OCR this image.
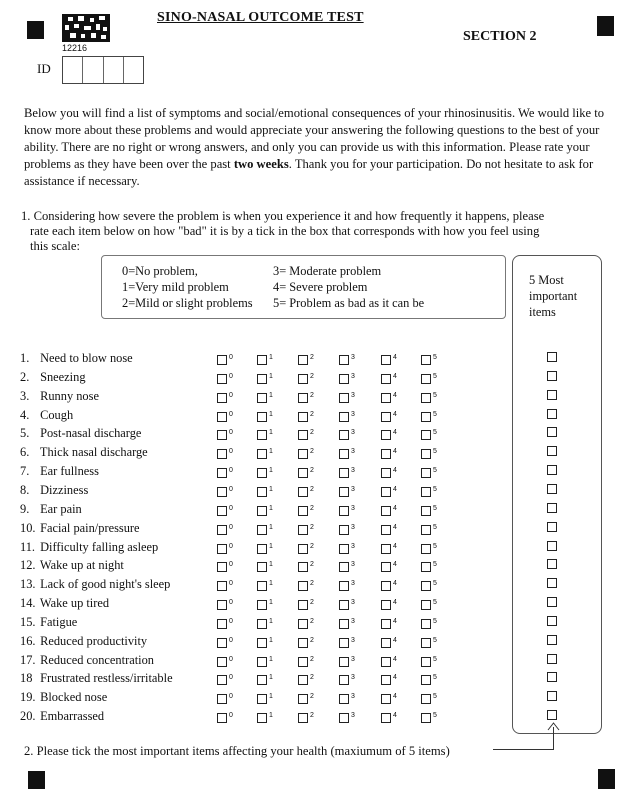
SINO-NASAL OUTCOME TEST
SECTION 2
12216
ID
Below you will find a list of symptoms and social/emotional consequences of your rhinosinusitis. We would like to know more about these problems and would appreciate your answering the following questions to the best of your ability. There are no right or wrong answers, and only you can provide us with this information. Please rate your problems as they have been over the past two weeks. Thank you for your participation. Do not hesitate to ask for assistance if necessary.
1. Considering how severe the problem is when you experience it and how frequently it happens, please
rate each item below on how "bad" it is by a tick in the box that corresponds with how you feel using
this scale:
0=No problem,
1=Very mild problem
2=Mild or slight problems
3= Moderate problem
4= Severe problem
5= Problem as bad as it can be
5 Most
important
items
1. Need to blow nose	0	1	2	3	4	5
2. Sneezing	0	1	2	3	4	5
3. Runny nose	0	1	2	3	4	5
4. Cough	0	1	2	3	4	5
5. Post-nasal discharge	0	1	2	3	4	5
6. Thick nasal discharge	0	1	2	3	4	5
7. Ear fullness	0	1	2	3	4	5
8. Dizziness	0	1	2	3	4	5
9. Ear pain	0	1	2	3	4	5
10. Facial pain/pressure	0	1	2	3	4	5
11. Difficulty falling asleep	0	1	2	3	4	5
12. Wake up at night	0	1	2	3	4	5
13. Lack of good night's sleep	0	1	2	3	4	5
14. Wake up tired	0	1	2	3	4	5
15. Fatigue	0	1	2	3	4	5
16. Reduced productivity	0	1	2	3	4	5
17. Reduced concentration	0	1	2	3	4	5
18 Frustrated restless/irritable	0	1	2	3	4	5
19. Blocked nose	0	1	2	3	4	5
20. Embarrassed	0	1	2	3	4	5
2. Please tick the most important items affecting your health (maxiumum of 5 items)
